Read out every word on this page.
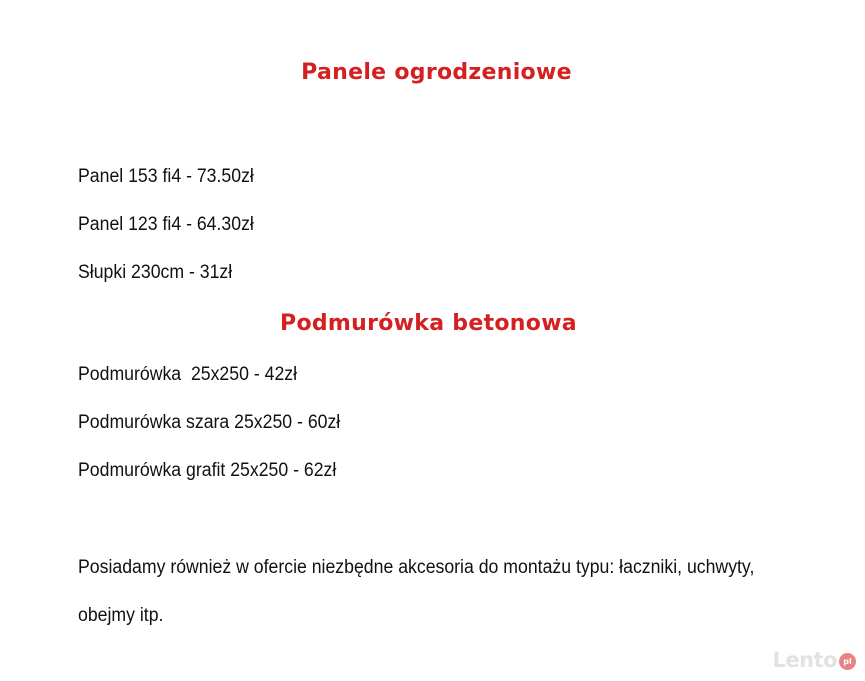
Panele ogrodzeniowe

Panel 153 fi4 - 73.50zł

Panel 123 fi4 - 64.30zł

Słupki 230cm - 31zł

Podmurówka betonowa

Podmurówka  25x250 - 42zł

Podmurówka szara 25x250 - 60zł

Podmurówka grafit 25x250 - 62zł

Posiadamy również w ofercie niezbędne akcesoria do montażu typu: łaczniki, uchwyty,

obejmy itp.

Lento pl
